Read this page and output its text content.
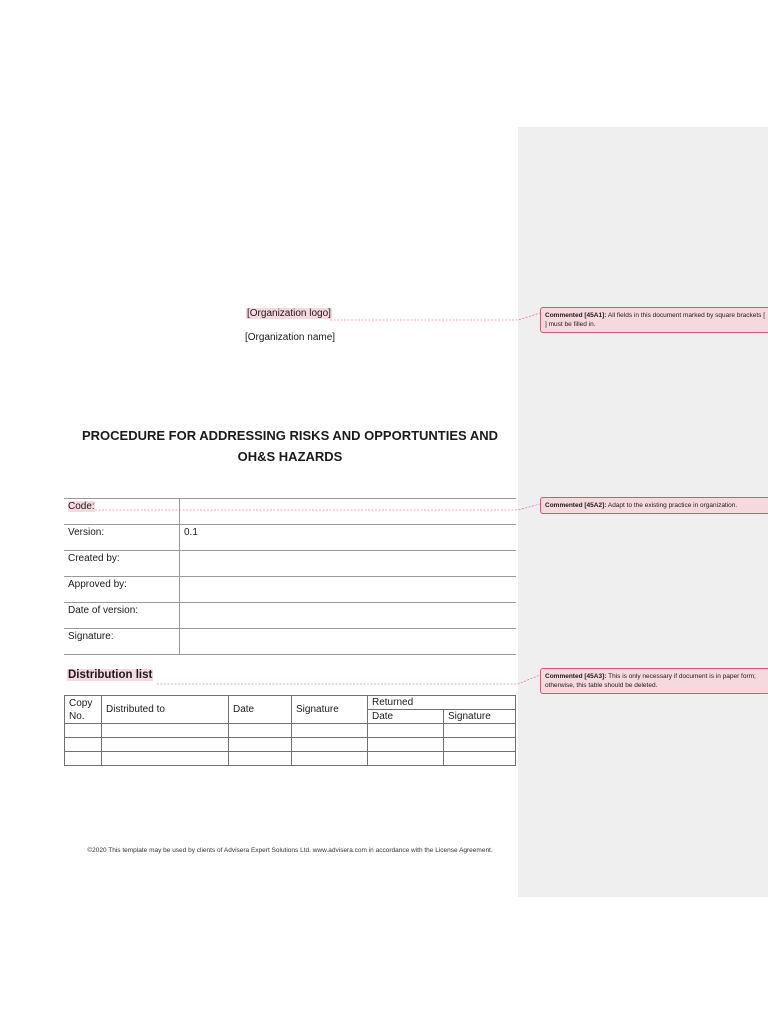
[Organization logo]
[Organization name]
PROCEDURE FOR ADDRESSING RISKS AND OPPORTUNTIES AND
OH&S HAZARDS
Code:	
Version:	0.1
Created by:	
Approved by:	
Date of version:	
Signature:	
Distribution list
Copy No.	Distributed to	Date	Signature	Returned	
				Date	Signature

©2020 This template may be used by clients of Advisera Expert Solutions Ltd. www.advisera.com in accordance with the License Agreement.
Commented [45A1]: All fields in this document marked by square brackets [ ] must be filled in.
Commented [45A2]: Adapt to the existing practice in organization.
Commented [45A3]: This is only necessary if document is in paper form; otherwise, this table should be deleted.
